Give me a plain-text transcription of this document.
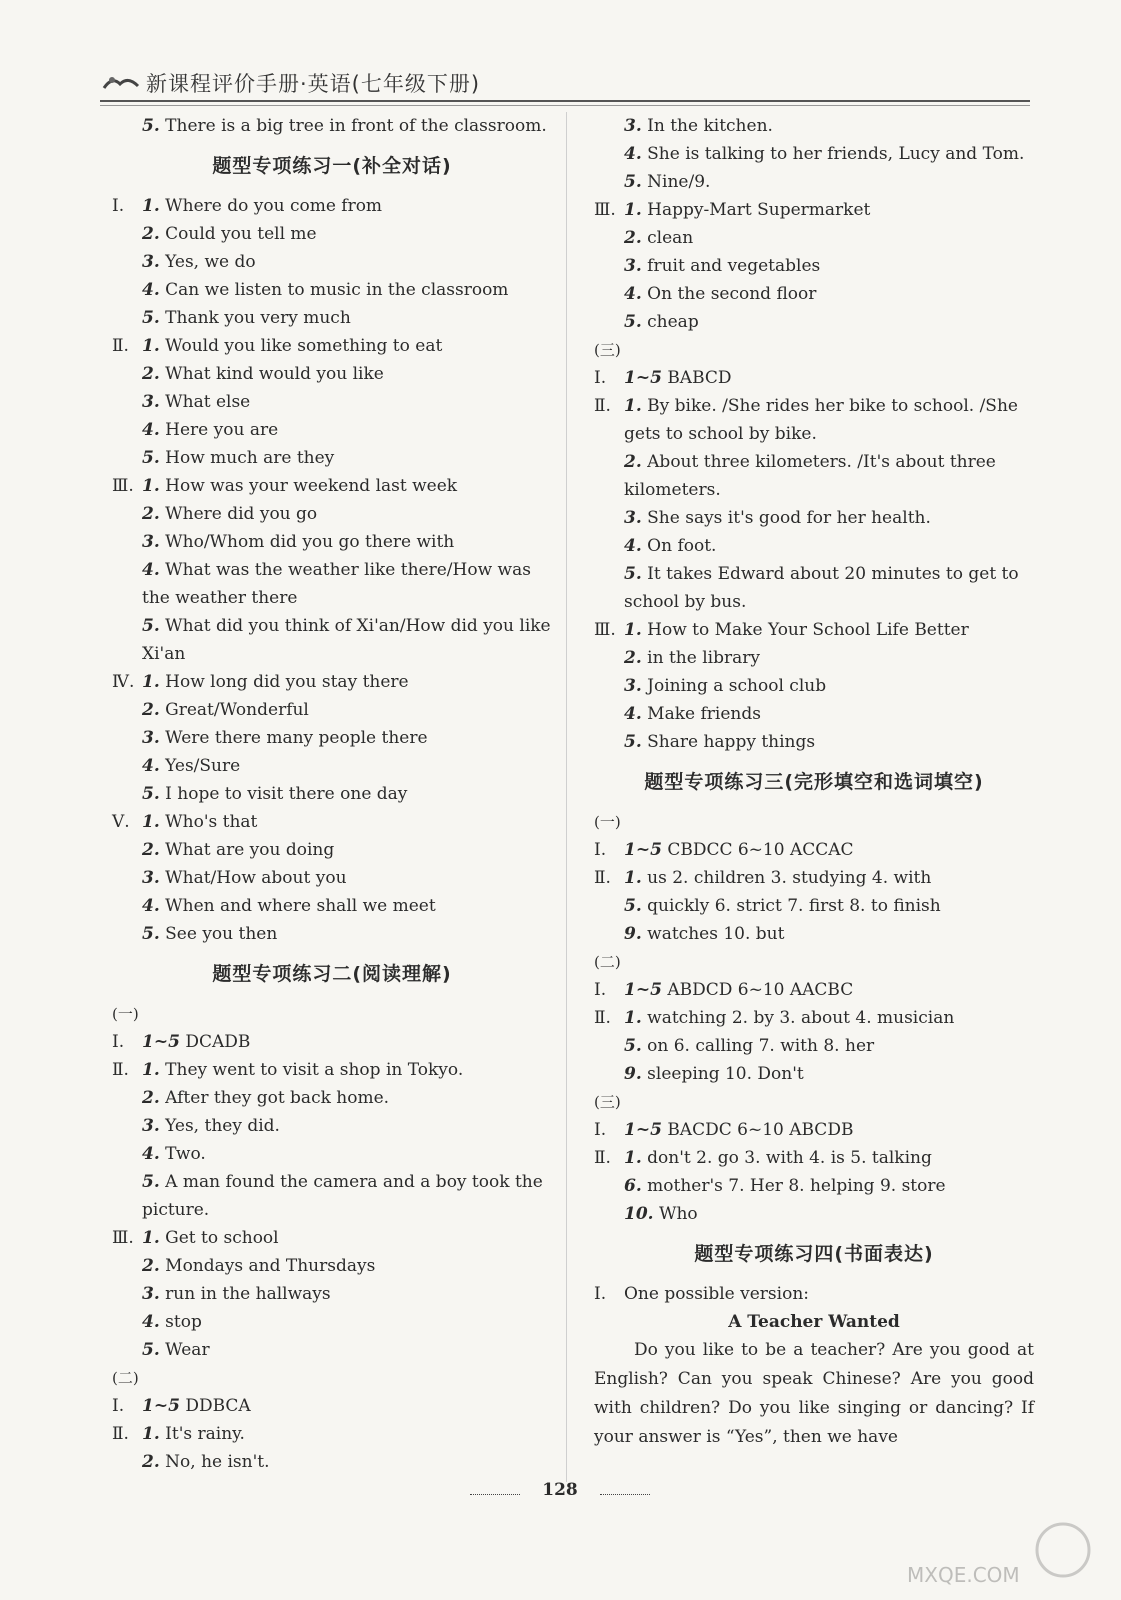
新课程评价手册·英语(七年级下册)
5. There is a big tree in front of the classroom.
题型专项练习一(补全对话)
Ⅰ.	1. Where do you come from
2. Could you tell me
3. Yes, we do
4. Can we listen to music in the classroom
5. Thank you very much
Ⅱ. 1. Would you like something to eat
2. What kind would you like
3. What else
4. Here you are
5. How much are they
Ⅲ. 1. How was your weekend last week
2. Where did you go
3. Who/Whom did you go there with
4. What was the weather like there/How was the weather there
5. What did you think of Xi'an/How did you like Xi'an
Ⅳ. 1. How long did you stay there
2. Great/Wonderful
3. Were there many people there
4. Yes/Sure
5. I hope to visit there one day
Ⅴ. 1. Who's that
2. What are you doing
3. What/How about you
4. When and where shall we meet
5. See you then
题型专项练习二(阅读理解)
(一)
Ⅰ.	1~5 DCADB
Ⅱ. 1. They went to visit a shop in Tokyo.
2. After they got back home.
3. Yes, they did.
4. Two.
5. A man found the camera and a boy took the picture.
Ⅲ. 1. Get to school
2. Mondays and Thursdays
3. run in the hallways
4. stop
5. Wear
(二)
Ⅰ.	1~5 DDBCA
Ⅱ. 1. It's rainy.
2. No, he isn't.
3. In the kitchen.
4. She is talking to her friends, Lucy and Tom.
5. Nine/9.
Ⅲ. 1. Happy-Mart Supermarket
2. clean
3. fruit and vegetables
4. On the second floor
5. cheap
(三)
Ⅰ.	1~5 BABCD
Ⅱ. 1. By bike. /She rides her bike to school. /She gets to school by bike.
2. About three kilometers. /It's about three kilometers.
3. She says it's good for her health.
4. On foot.
5. It takes Edward about 20 minutes to get to school by bus.
Ⅲ. 1. How to Make Your School Life Better
2. in the library
3. Joining a school club
4. Make friends
5. Share happy things
题型专项练习三(完形填空和选词填空)
(一)
Ⅰ.	1~5 CBDCC 6~10 ACCAC
Ⅱ. 1. us 2. children 3. studying 4. with
5. quickly 6. strict 7. first 8. to finish
9. watches 10. but
(二)
Ⅰ.	1~5 ABDCD 6~10 AACBC
Ⅱ. 1. watching 2. by 3. about 4. musician
5. on 6. calling 7. with 8. her
9. sleeping 10. Don't
(三)
Ⅰ.	1~5 BACDC 6~10 ABCDB
Ⅱ. 1. don't 2. go 3. with 4. is 5. talking
6. mother's 7. Her 8. helping 9. store
10. Who
题型专项练习四(书面表达)
Ⅰ.	One possible version:
A Teacher Wanted
Do you like to be a teacher? Are you good at English? Can you speak Chinese? Are you good with children? Do you like singing or dancing? If your answer is “Yes”, then we have
128
MXQE.COM
